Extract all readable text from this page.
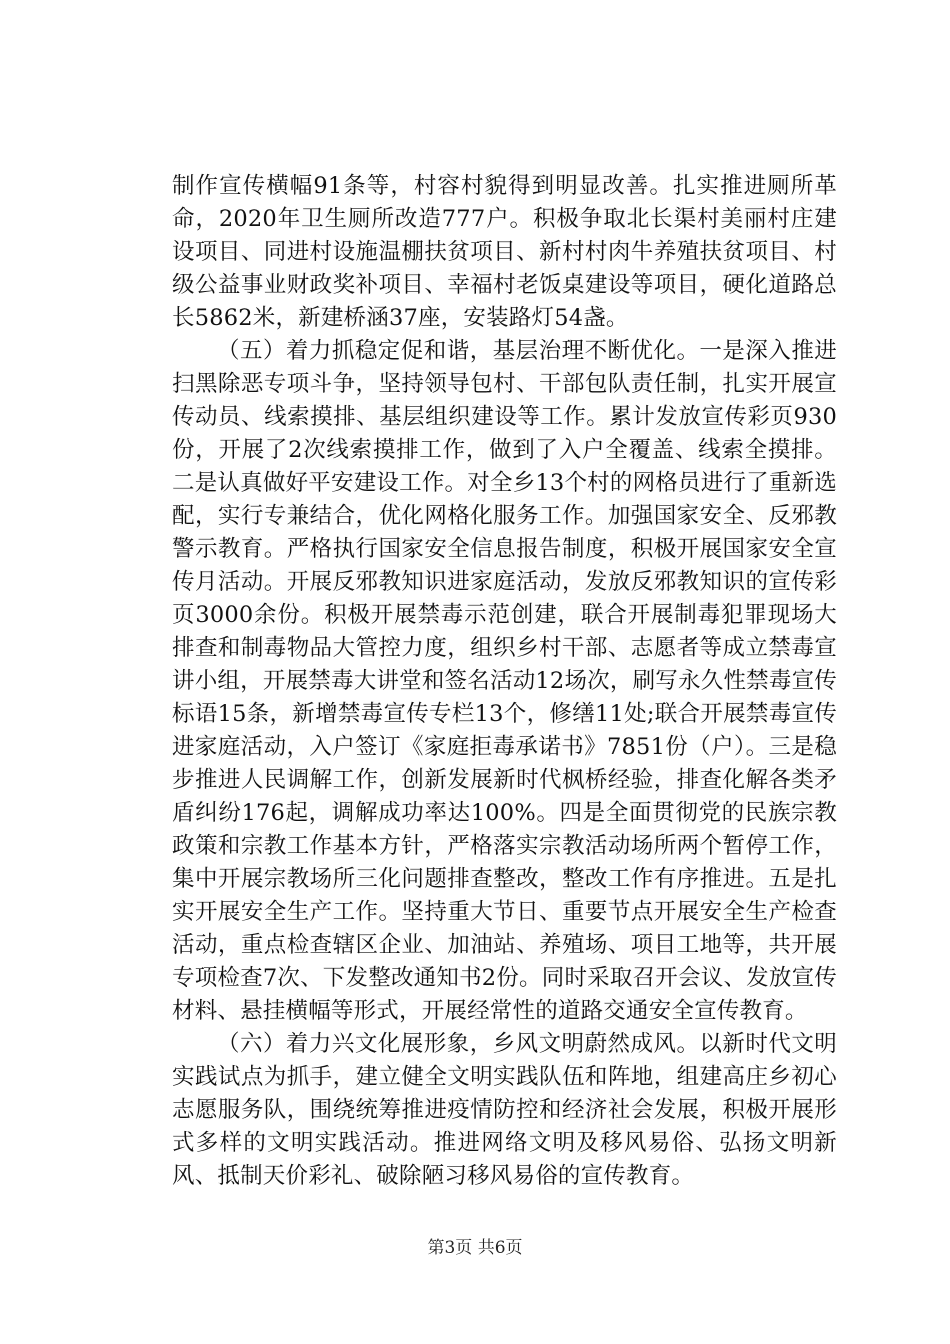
制作宣传横幅91条等，村容村貌得到明显改善。扎实推进厕所革命，2020年卫生厕所改造777户。积极争取北长渠村美丽村庄建设项目、同进村设施温棚扶贫项目、新村村肉牛养殖扶贫项目、村级公益事业财政奖补项目、幸福村老饭桌建设等项目，硬化道路总长5862米，新建桥涵37座，安装路灯54盏。

（五）着力抓稳定促和谐，基层治理不断优化。一是深入推进扫黑除恶专项斗争，坚持领导包村、干部包队责任制，扎实开展宣传动员、线索摸排、基层组织建设等工作。累计发放宣传彩页930份，开展了2次线索摸排工作，做到了入户全覆盖、线索全摸排。二是认真做好平安建设工作。对全乡13个村的网格员进行了重新选配，实行专兼结合，优化网格化服务工作。加强国家安全、反邪教警示教育。严格执行国家安全信息报告制度，积极开展国家安全宣传月活动。开展反邪教知识进家庭活动，发放反邪教知识的宣传彩页3000余份。积极开展禁毒示范创建，联合开展制毒犯罪现场大排查和制毒物品大管控力度，组织乡村干部、志愿者等成立禁毒宣讲小组，开展禁毒大讲堂和签名活动12场次，刷写永久性禁毒宣传标语15条，新增禁毒宣传专栏13个，修缮11处;联合开展禁毒宣传进家庭活动，入户签订《家庭拒毒承诺书》7851份（户）。三是稳步推进人民调解工作，创新发展新时代枫桥经验，排查化解各类矛盾纠纷176起，调解成功率达100%。四是全面贯彻党的民族宗教政策和宗教工作基本方针，严格落实宗教活动场所两个暂停工作，集中开展宗教场所三化问题排查整改，整改工作有序推进。五是扎实开展安全生产工作。坚持重大节日、重要节点开展安全生产检查活动，重点检查辖区企业、加油站、养殖场、项目工地等，共开展专项检查7次、下发整改通知书2份。同时采取召开会议、发放宣传材料、悬挂横幅等形式，开展经常性的道路交通安全宣传教育。

（六）着力兴文化展形象，乡风文明蔚然成风。以新时代文明实践试点为抓手，建立健全文明实践队伍和阵地，组建高庄乡初心志愿服务队，围绕统筹推进疫情防控和经济社会发展，积极开展形式多样的文明实践活动。推进网络文明及移风易俗、弘扬文明新风、抵制天价彩礼、破除陋习移风易俗的宣传教育。

第3页 共6页
